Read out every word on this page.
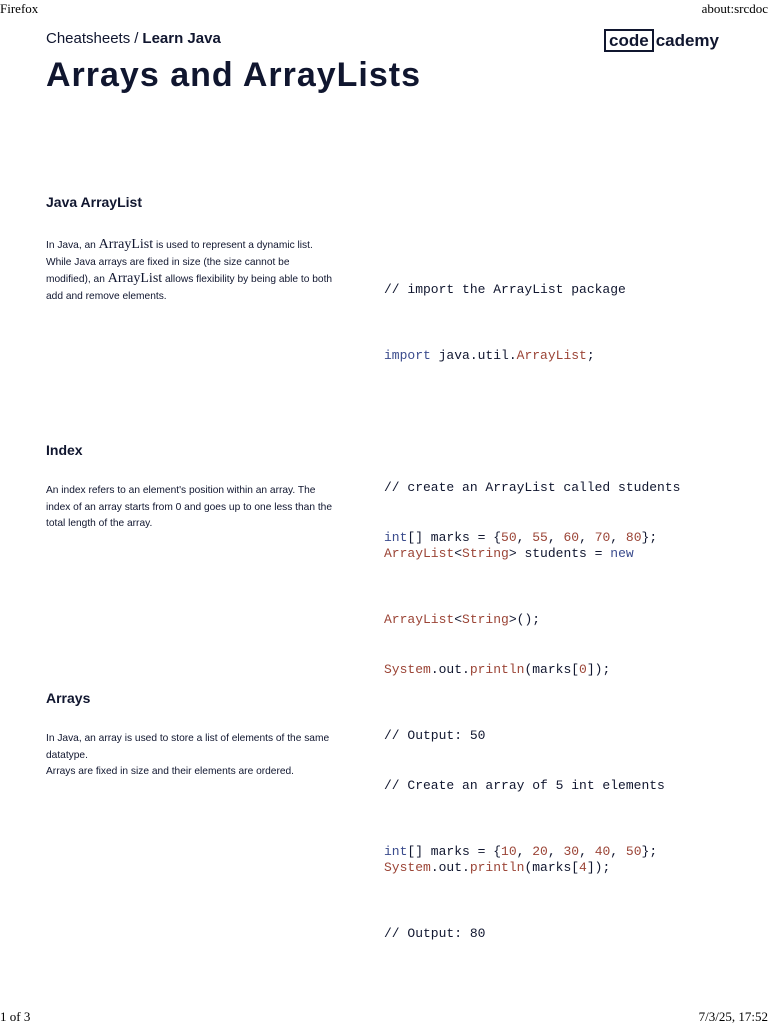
Firefox	about:srcdoc
1 of 3	7/3/25, 17:52
Cheatsheets / Learn Java	code cademy
Arrays and ArrayLists
Java ArrayList
In Java, an ArrayList is used to represent a dynamic list.
While Java arrays are fixed in size (the size cannot be modified), an ArrayList allows flexibility by being able to both add and remove elements.

	// import the ArrayList package

import java.util.ArrayList;

// create an ArrayList called students

ArrayList<String> students = new

ArrayList<String>();

Index
An index refers to an element's position within an array. The index of an array starts from 0 and goes up to one less than the total length of the array.

int[] marks = {50, 55, 60, 70, 80};

System.out.println(marks[0]);

// Output: 50

System.out.println(marks[4]);

// Output: 80

Arrays
In Java, an array is used to store a list of elements of the same datatype.
Arrays are fixed in size and their elements are ordered.

// Create an array of 5 int elements

int[] marks = {10, 20, 30, 40, 50};
